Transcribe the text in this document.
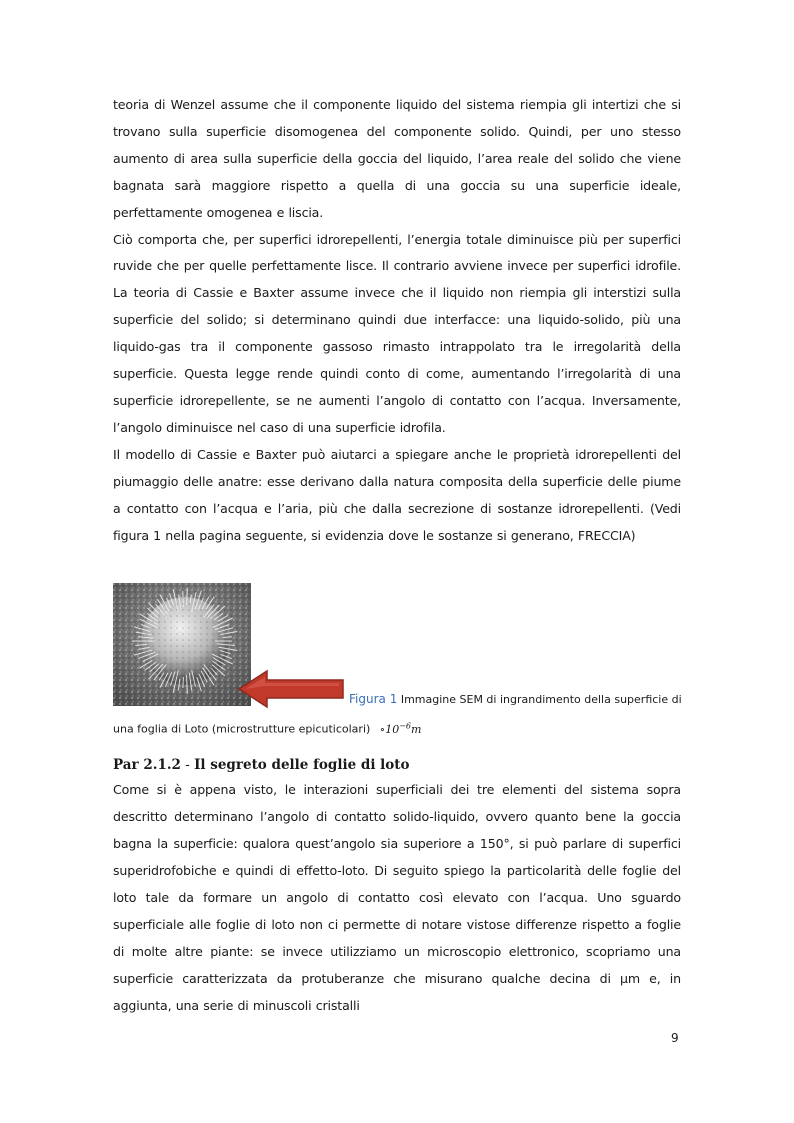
teoria di Wenzel assume che il componente liquido del sistema riempia gli intertizi che si trovano sulla superficie disomogenea del componente solido. Quindi, per uno stesso aumento di area sulla superficie della goccia del liquido, l’area reale del solido che viene bagnata sarà maggiore rispetto a quella di una goccia su una superficie ideale, perfettamente omogenea e liscia.

Ciò comporta che, per superfici idrorepellenti, l’energia totale diminuisce più per superfici ruvide che per quelle perfettamente lisce. Il contrario avviene invece per superfici idrofile. La teoria di Cassie e Baxter assume invece che il liquido non riempia gli interstizi sulla superficie del solido; si determinano quindi due interfacce: una liquido-solido, più una liquido-gas tra il componente gassoso rimasto intrappolato tra le irregolarità della superficie. Questa legge rende quindi conto di come, aumentando l’irregolarità di una superficie idrorepellente, se ne aumenti l’angolo di contatto con l’acqua. Inversamente, l’angolo diminuisce nel caso di una superficie idrofila.

Il modello di Cassie e Baxter può aiutarci a spiegare anche le proprietà idrorepellenti del piumaggio delle anatre: esse derivano dalla natura composita della superficie delle piume a contatto con l’acqua e l’aria, più che dalla secrezione di sostanze idrorepellenti. (Vedi figura 1 nella pagina seguente, si evidenzia dove le sostanze si generano, FRECCIA)

Figura 1 Immagine SEM di ingrandimento della superficie di
una foglia di Loto (microstrutture epicuticolari) $\circ 10^{-6}m$
Par 2.1.2 - Il segreto delle foglie di loto

Come si è appena visto, le interazioni superficiali dei tre elementi del sistema sopra descritto determinano l’angolo di contatto solido-liquido, ovvero quanto bene la goccia bagna la superficie: qualora quest’angolo sia superiore a 150°, si può parlare di superfici superidrofobiche e quindi di effetto-loto. Di seguito spiego la particolarità delle foglie del loto tale da formare un angolo di contatto così elevato con l’acqua. Uno sguardo superficiale alle foglie di loto non ci permette di notare vistose differenze rispetto a foglie di molte altre piante: se invece utilizziamo un microscopio elettronico, scopriamo una superficie caratterizzata da protuberanze che misurano qualche decina di μm e, in aggiunta, una serie di minuscoli cristalli

9
